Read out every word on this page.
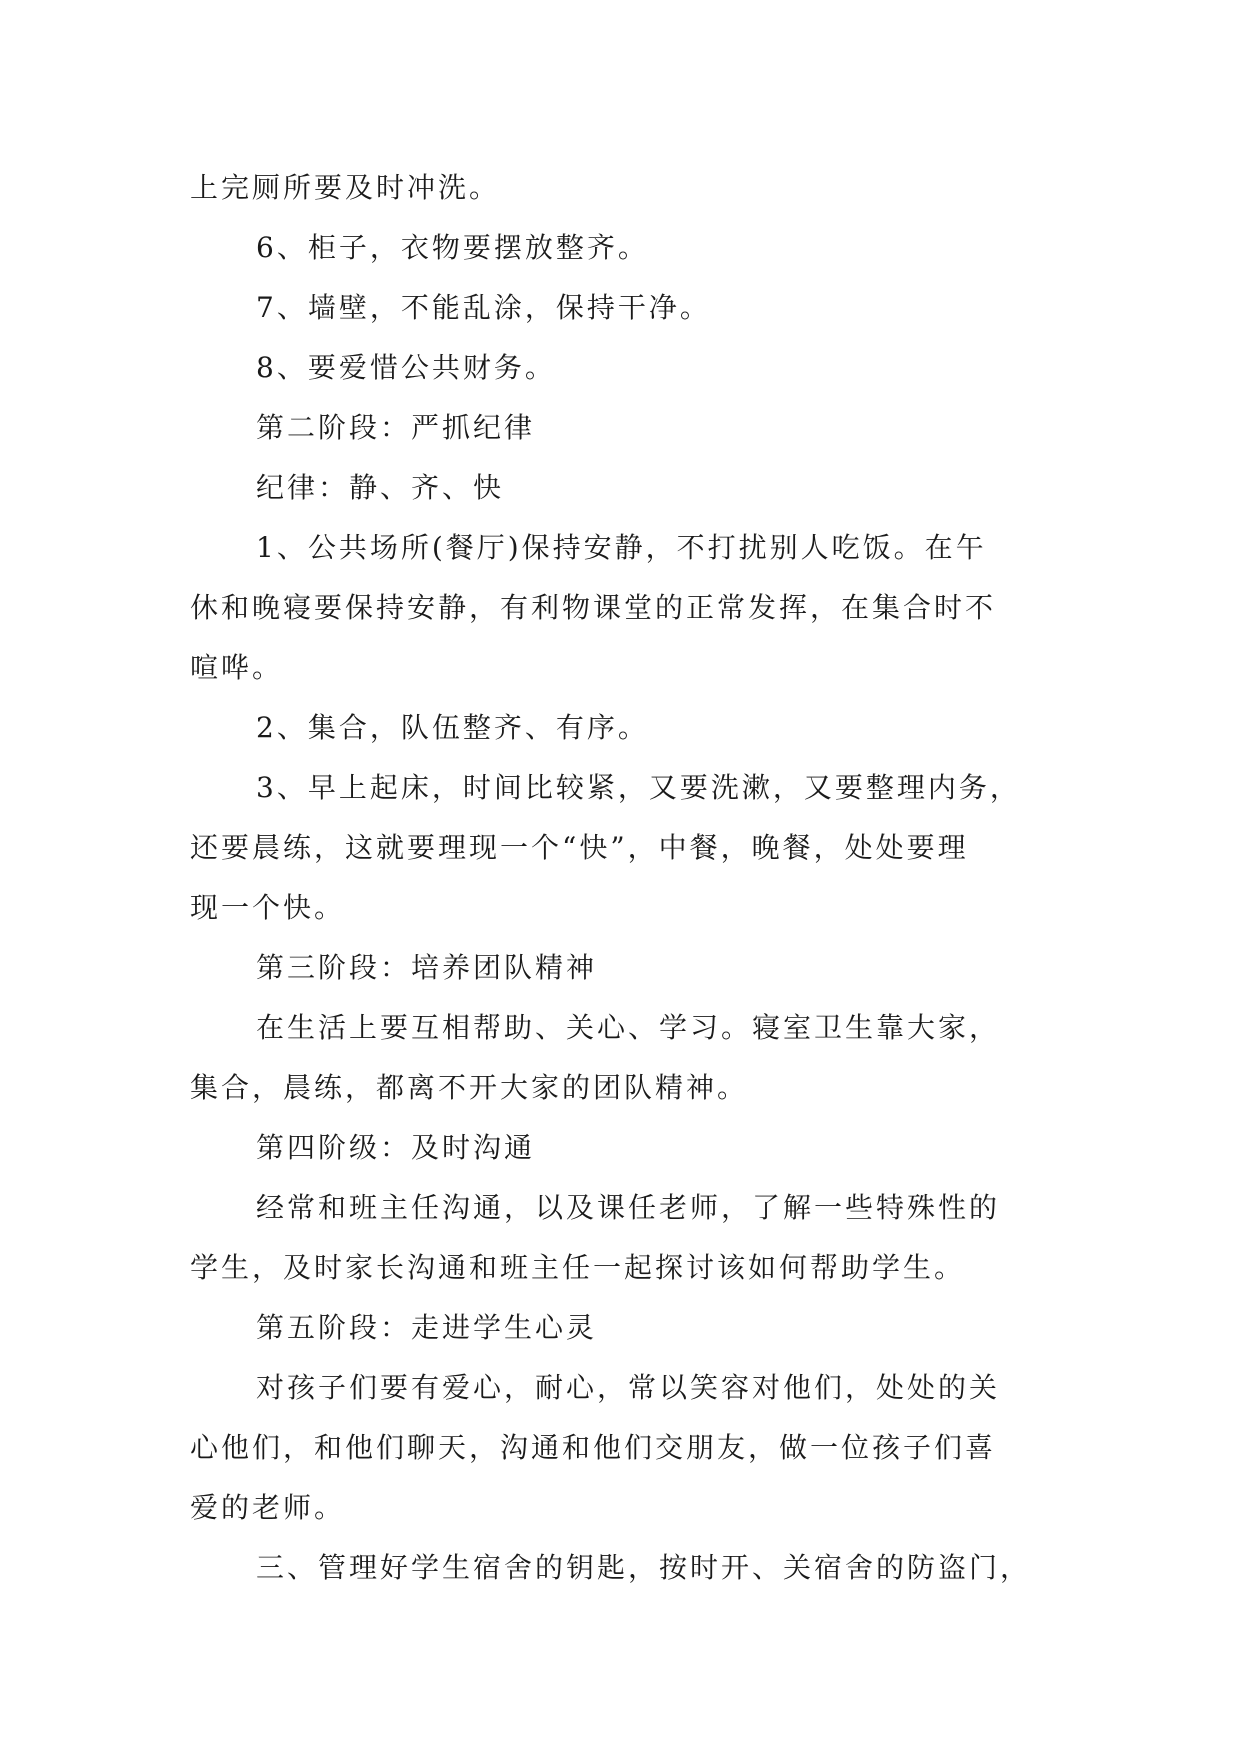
上完厕所要及时冲洗。

6、柜子，衣物要摆放整齐。

7、墙壁，不能乱涂，保持干净。

8、要爱惜公共财务。

第二阶段：严抓纪律

纪律：静、齐、快

1、公共场所(餐厅)保持安静，不打扰别人吃饭。在午

休和晚寝要保持安静，有利物课堂的正常发挥，在集合时不

喧哗。

2、集合，队伍整齐、有序。

3、早上起床，时间比较紧，又要洗漱，又要整理内务，

还要晨练，这就要理现一个“快”，中餐，晚餐，处处要理

现一个快。

第三阶段：培养团队精神

在生活上要互相帮助、关心、学习。寝室卫生靠大家，

集合，晨练，都离不开大家的团队精神。

第四阶级：及时沟通

经常和班主任沟通，以及课任老师，了解一些特殊性的

学生，及时家长沟通和班主任一起探讨该如何帮助学生。

第五阶段：走进学生心灵

对孩子们要有爱心，耐心，常以笑容对他们，处处的关

心他们，和他们聊天，沟通和他们交朋友，做一位孩子们喜

爱的老师。

三、管理好学生宿舍的钥匙，按时开、关宿舍的防盗门，
